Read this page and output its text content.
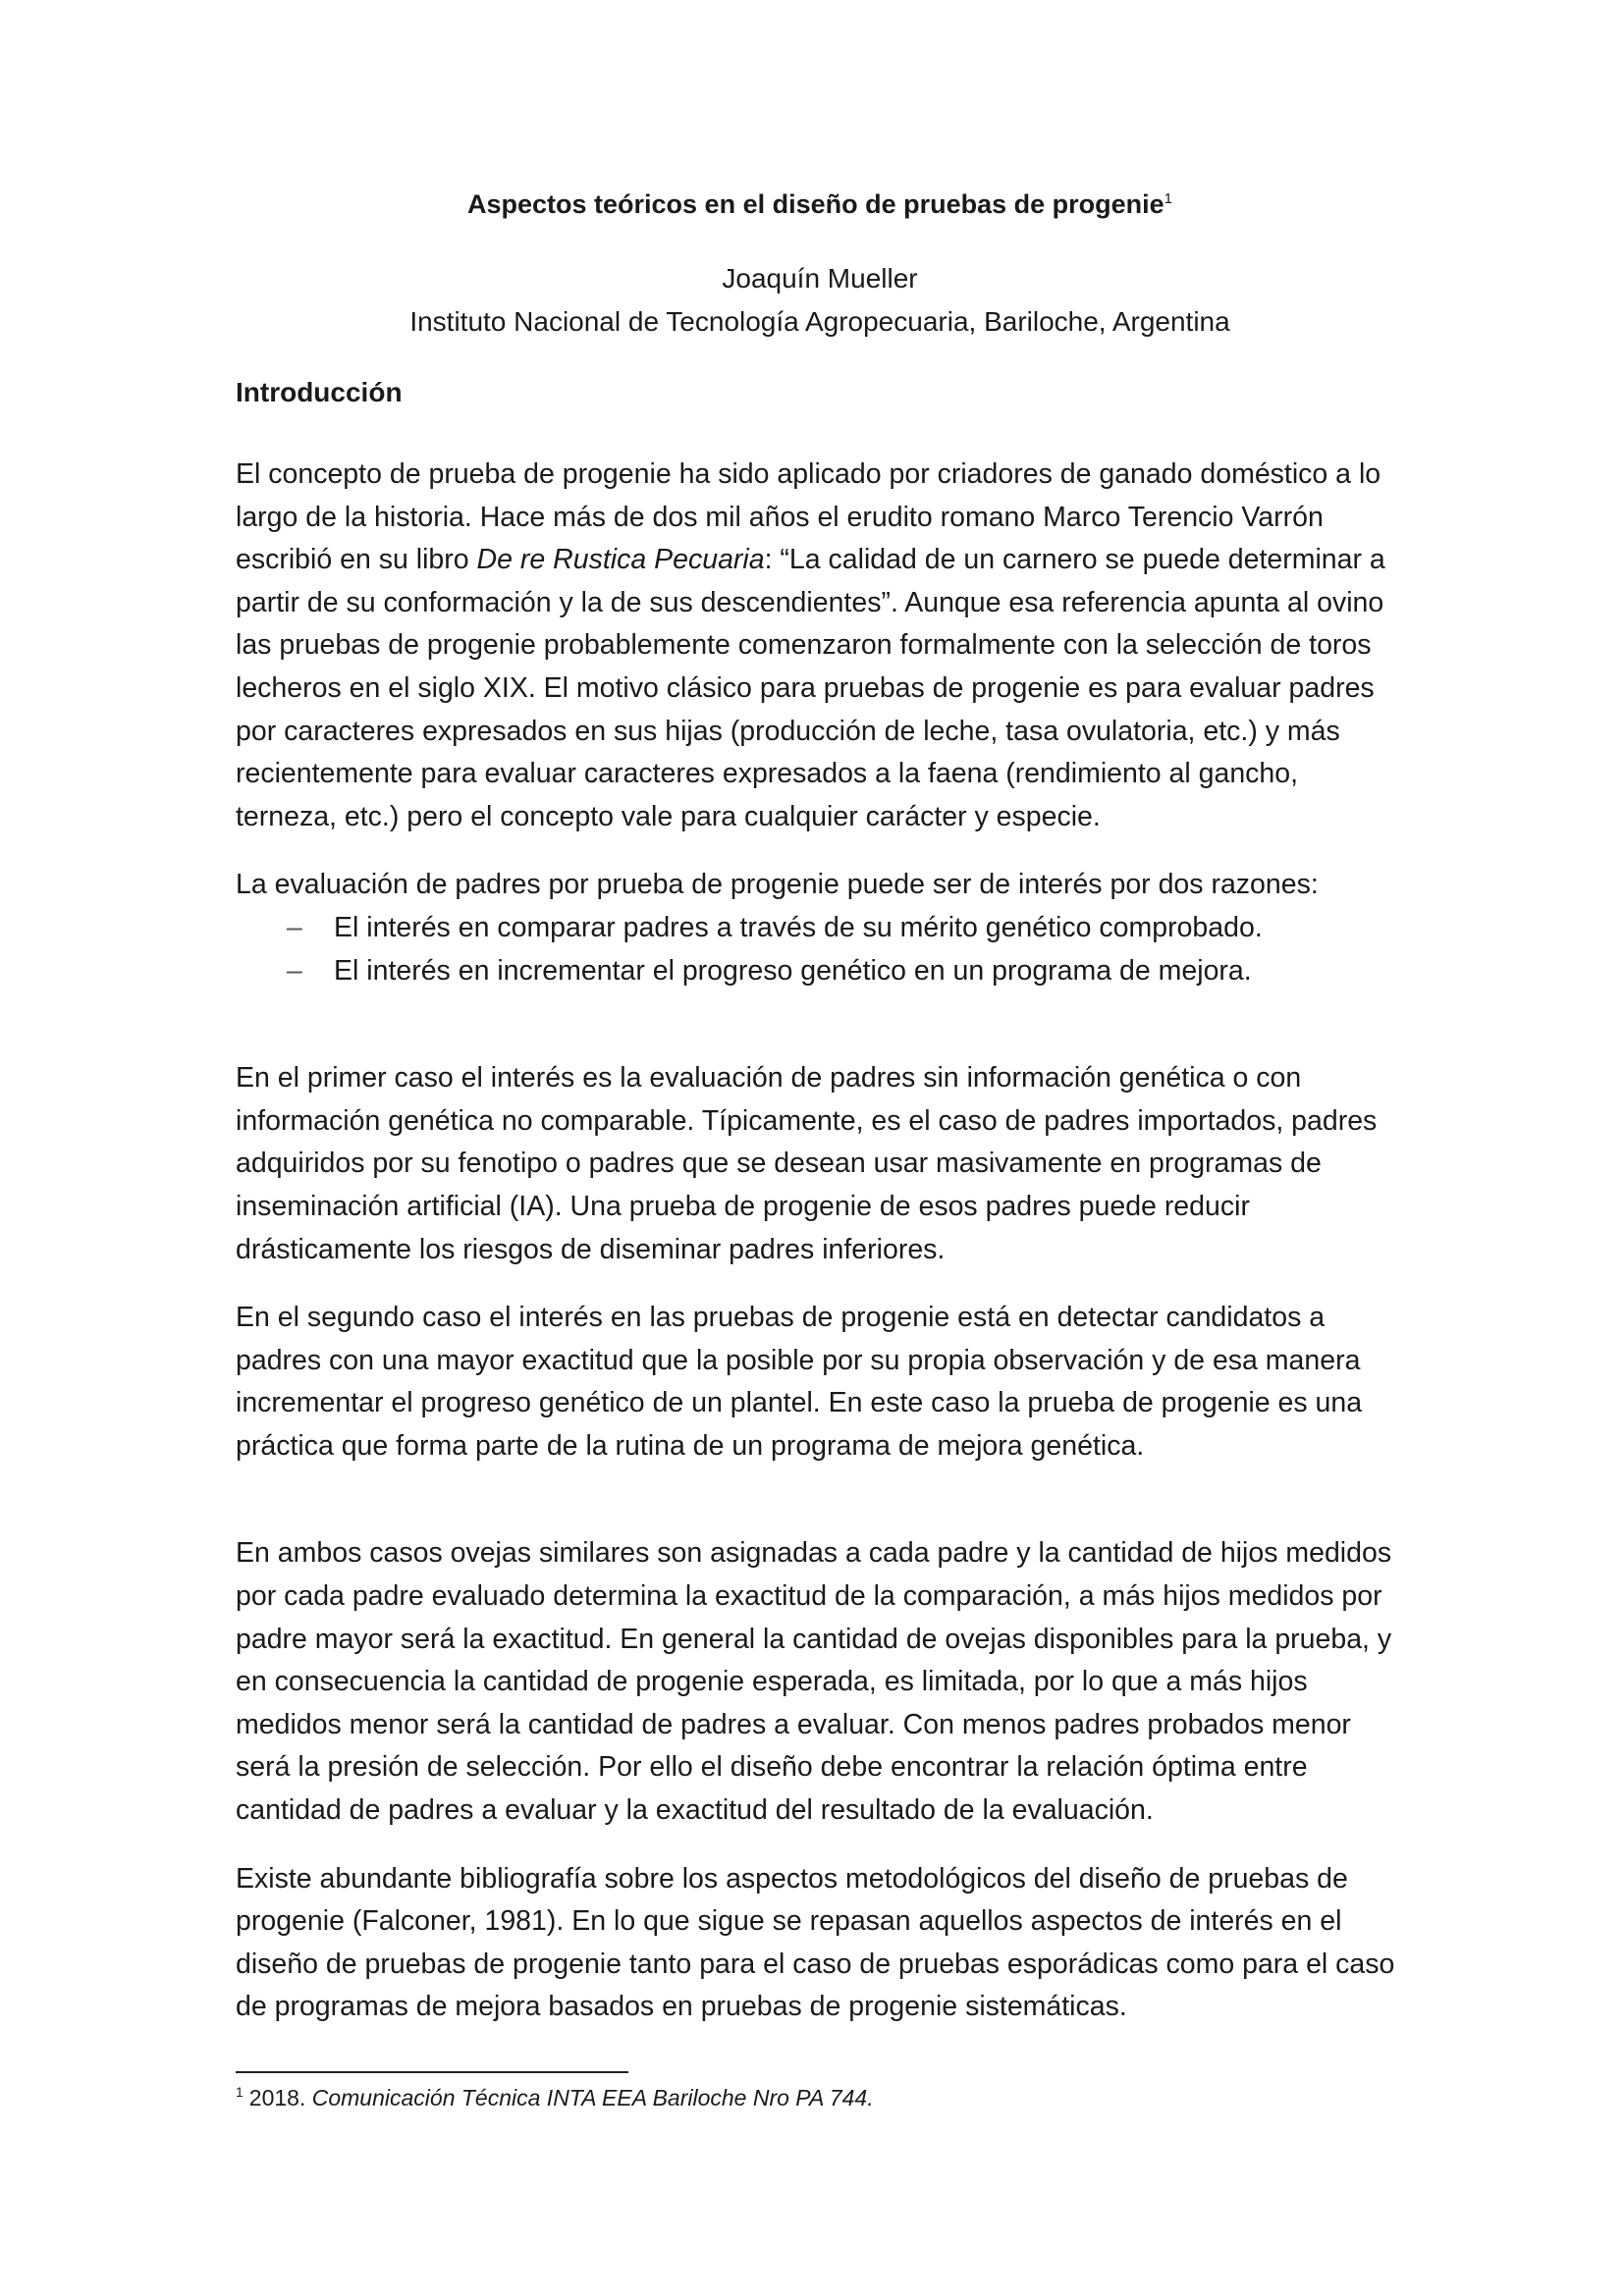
Aspectos teóricos en el diseño de pruebas de progenie$^1$

Joaquín Mueller

Instituto Nacional de Tecnología Agropecuaria, Bariloche, Argentina

Introducción

El concepto de prueba de progenie ha sido aplicado por criadores de ganado doméstico a lo largo de la historia. Hace más de dos mil años el erudito romano Marco Terencio Varrón escribió en su libro De re Rustica Pecuaria: “La calidad de un carnero se puede determinar a partir de su conformación y la de sus descendientes”. Aunque esa referencia apunta al ovino las pruebas de progenie probablemente comenzaron formalmente con la selección de toros lecheros en el siglo XIX. El motivo clásico para pruebas de progenie es para evaluar padres por caracteres expresados en sus hijas (producción de leche, tasa ovulatoria, etc.) y más recientemente para evaluar caracteres expresados a la faena (rendimiento al gancho, terneza, etc.) pero el concepto vale para cualquier carácter y especie.

La evaluación de padres por prueba de progenie puede ser de interés por dos razones:

– El interés en comparar padres a través de su mérito genético comprobado.
– El interés en incrementar el progreso genético en un programa de mejora.

En el primer caso el interés es la evaluación de padres sin información genética o con información genética no comparable. Típicamente, es el caso de padres importados, padres adquiridos por su fenotipo o padres que se desean usar masivamente en programas de inseminación artificial (IA). Una prueba de progenie de esos padres puede reducir drásticamente los riesgos de diseminar padres inferiores.

En el segundo caso el interés en las pruebas de progenie está en detectar candidatos a padres con una mayor exactitud que la posible por su propia observación y de esa manera incrementar el progreso genético de un plantel. En este caso la prueba de progenie es una práctica que forma parte de la rutina de un programa de mejora genética.

En ambos casos ovejas similares son asignadas a cada padre y la cantidad de hijos medidos por cada padre evaluado determina la exactitud de la comparación, a más hijos medidos por padre mayor será la exactitud. En general la cantidad de ovejas disponibles para la prueba, y en consecuencia la cantidad de progenie esperada, es limitada, por lo que a más hijos medidos menor será la cantidad de padres a evaluar. Con menos padres probados menor será la presión de selección. Por ello el diseño debe encontrar la relación óptima entre cantidad de padres a evaluar y la exactitud del resultado de la evaluación.

Existe abundante bibliografía sobre los aspectos metodológicos del diseño de pruebas de progenie (Falconer, 1981). En lo que sigue se repasan aquellos aspectos de interés en el diseño de pruebas de progenie tanto para el caso de pruebas esporádicas como para el caso de programas de mejora basados en pruebas de progenie sistemáticas.

$^1$ 2018. Comunicación Técnica INTA EEA Bariloche Nro PA 744.
